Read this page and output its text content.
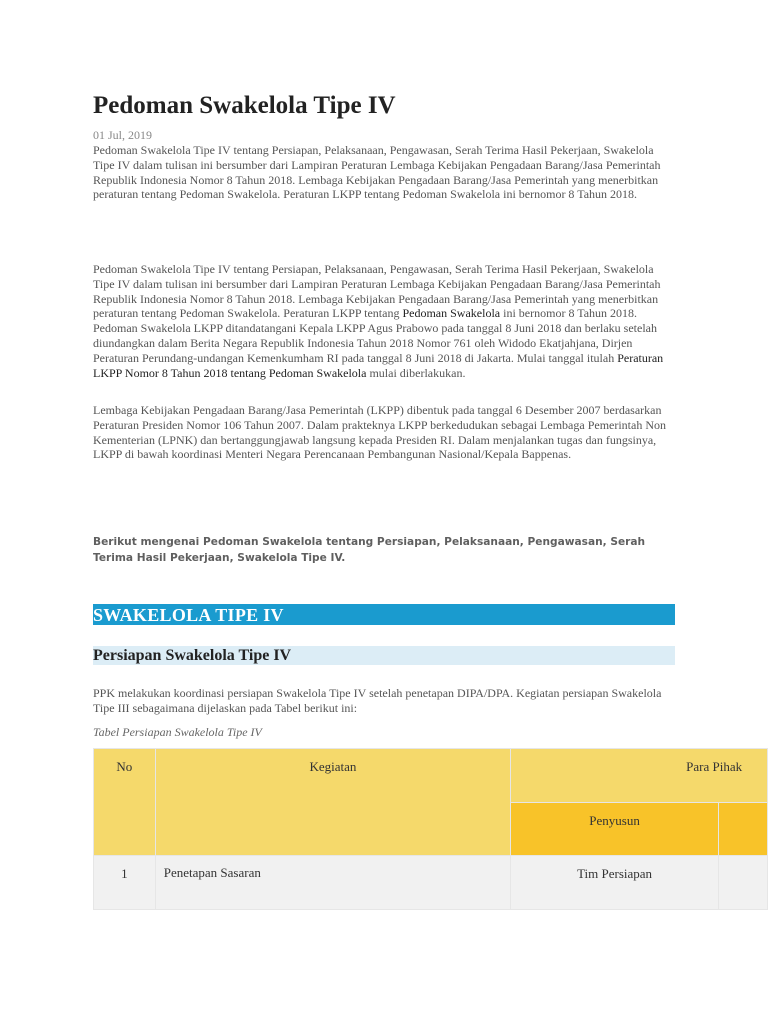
Pedoman Swakelola Tipe IV
01 Jul, 2019

Pedoman Swakelola Tipe IV tentang Persiapan, Pelaksanaan, Pengawasan, Serah Terima Hasil Pekerjaan, Swakelola Tipe IV dalam tulisan ini bersumber dari Lampiran Peraturan Lembaga Kebijakan Pengadaan Barang/Jasa Pemerintah Republik Indonesia Nomor 8 Tahun 2018. Lembaga Kebijakan Pengadaan Barang/Jasa Pemerintah yang menerbitkan peraturan tentang Pedoman Swakelola. Peraturan LKPP tentang Pedoman Swakelola ini bernomor 8 Tahun 2018.

Pedoman Swakelola Tipe IV tentang Persiapan, Pelaksanaan, Pengawasan, Serah Terima Hasil Pekerjaan, Swakelola Tipe IV dalam tulisan ini bersumber dari Lampiran Peraturan Lembaga Kebijakan Pengadaan Barang/Jasa Pemerintah Republik Indonesia Nomor 8 Tahun 2018. Lembaga Kebijakan Pengadaan Barang/Jasa Pemerintah yang menerbitkan peraturan tentang Pedoman Swakelola. Peraturan LKPP tentang Pedoman Swakelola ini bernomor 8 Tahun 2018. Pedoman Swakelola LKPP ditandatangani Kepala LKPP Agus Prabowo pada tanggal 8 Juni 2018 dan berlaku setelah diundangkan dalam Berita Negara Republik Indonesia Tahun 2018 Nomor 761 oleh Widodo Ekatjahjana, Dirjen Peraturan Perundang-undangan Kemenkumham RI pada tanggal 8 Juni 2018 di Jakarta. Mulai tanggal itulah Peraturan LKPP Nomor 8 Tahun 2018 tentang Pedoman Swakelola mulai diberlakukan.

Lembaga Kebijakan Pengadaan Barang/Jasa Pemerintah (LKPP) dibentuk pada tanggal 6 Desember 2007 berdasarkan Peraturan Presiden Nomor 106 Tahun 2007. Dalam prakteknya LKPP berkedudukan sebagai Lembaga Pemerintah Non Kementerian (LPNK) dan bertanggungjawab langsung kepada Presiden RI. Dalam menjalankan tugas dan fungsinya, LKPP di bawah koordinasi Menteri Negara Perencanaan Pembangunan Nasional/Kepala Bappenas.

Berikut mengenai Pedoman Swakelola tentang Persiapan, Pelaksanaan, Pengawasan, Serah Terima Hasil Pekerjaan, Swakelola Tipe IV.
SWAKELOLA TIPE IV
Persiapan Swakelola Tipe IV

PPK melakukan koordinasi persiapan Swakelola Tipe IV setelah penetapan DIPA/DPA. Kegiatan persiapan Swakelola Tipe III sebagaimana dijelaskan pada Tabel berikut ini:

Tabel Persiapan Swakelola Tipe IV
No	Kegiatan	Para Pihak	

		Penyusun	

1	Penetapan Sasaran	Tim Persiapan	
